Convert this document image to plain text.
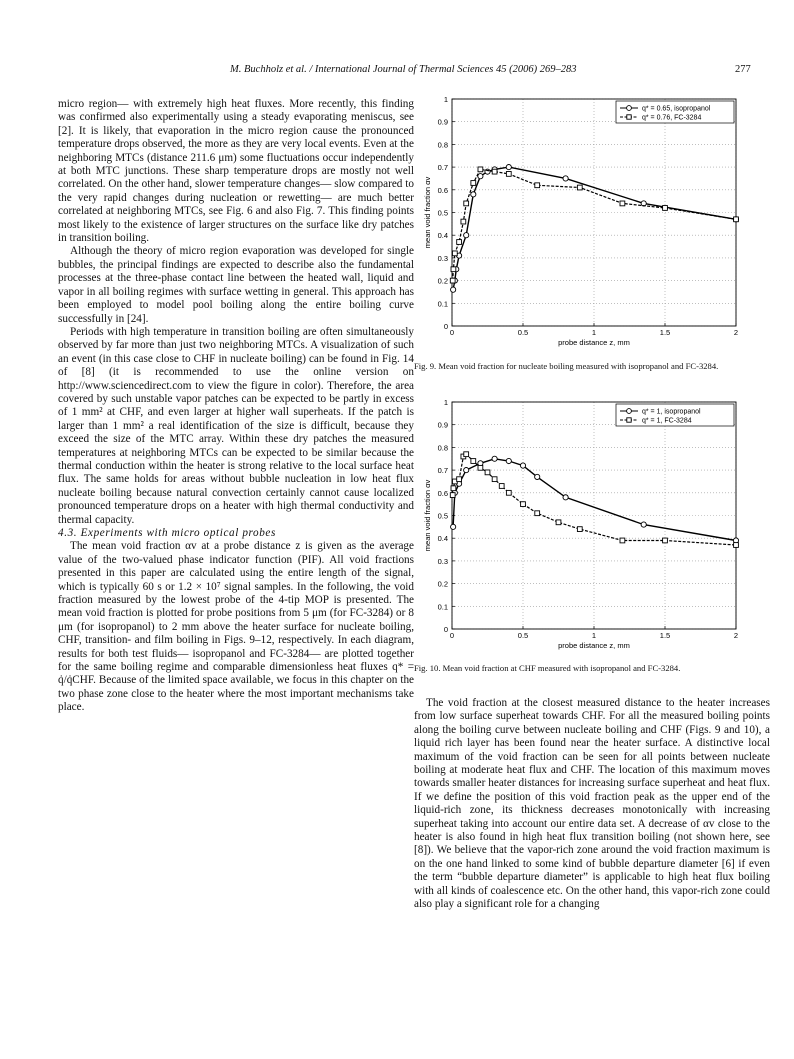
M. Buchholz et al. / International Journal of Thermal Sciences 45 (2006) 269–283	277

micro region— with extremely high heat fluxes. More recently, this finding was confirmed also experimentally using a steady evaporating meniscus, see [2]. It is likely, that evaporation in the micro region cause the pronounced temperature drops observed, the more as they are very local events. Even at the neighboring MTCs (distance 211.6 μm) some fluctuations occur independently at both MTC junctions. These sharp temperature drops are mostly not well correlated. On the other hand, slower temperature changes— slow compared to the very rapid changes during nucleation or rewetting— are much better correlated at neighboring MTCs, see Fig. 6 and also Fig. 7. This finding points most likely to the existence of larger structures on the surface like dry patches in transition boiling.

Although the theory of micro region evaporation was developed for single bubbles, the principal findings are expected to describe also the fundamental processes at the three-phase contact line between the heated wall, liquid and vapor in all boiling regimes with surface wetting in general. This approach has been employed to model pool boiling along the entire boiling curve successfully in [24].

Periods with high temperature in transition boiling are often simultaneously observed by far more than just two neighboring MTCs. A visualization of such an event (in this case close to CHF in nucleate boiling) can be found in Fig. 14 of [8] (it is recommended to use the online version on http://www.sciencedirect.com to view the figure in color). Therefore, the area covered by such unstable vapor patches can be expected to be partly in excess of 1 mm² at CHF, and even larger at higher wall superheats. If the patch is larger than 1 mm² a real identification of the size is difficult, because they exceed the size of the MTC array. Within these dry patches the measured temperatures at neighboring MTCs can be expected to be similar because the thermal conduction within the heater is strong relative to the local surface heat flux. The same holds for areas without bubble nucleation in low heat flux nucleate boiling because natural convection certainly cannot cause localized pronounced temperature drops on a heater with high thermal conductivity and thermal capacity.

4.3. Experiments with micro optical probes

The mean void fraction αv at a probe distance z is given as the average value of the two-valued phase indicator function (PIF). All void fractions presented in this paper are calculated using the entire length of the signal, which is typically 60 s or 1.2 × 10⁷ signal samples. In the following, the void fraction measured by the lowest probe of the 4-tip MOP is presented. The mean void fraction is plotted for probe positions from 5 μm (for FC-3284) or 8 μm (for isopropanol) to 2 mm above the heater surface for nucleate boiling, CHF, transition- and film boiling in Figs. 9–12, respectively. In each diagram, results for both test fluids— isopropanol and FC-3284— are plotted together for the same boiling regime and comparable dimensionless heat fluxes q* = q̇/q̇CHF. Because of the limited space available, we focus in this chapter on the two phase zone close to the heater where the most important mechanisms take place.

0
0.1
0.2
0.3
0.4
0.5
0.6
0.7
0.8
0.9
1
0	0.5	1	1.5	2
probe distance z, mm
mean void fraction αv
q* = 0.65, isopropanol
q* = 0.76, FC-3284
Fig. 9. Mean void fraction for nucleate boiling measured with isopropanol and FC-3284.
0
0.1
0.2
0.3
0.4
0.5
0.6
0.7
0.8
0.9
1
0	0.5	1	1.5	2
probe distance z, mm
mean void fraction αv
q* = 1, isopropanol
q* = 1, FC-3284
Fig. 10. Mean void fraction at CHF measured with isopropanol and FC-3284.

The void fraction at the closest measured distance to the heater increases from low surface superheat towards CHF. For all the measured boiling points along the boiling curve between nucleate boiling and CHF (Figs. 9 and 10), a liquid rich layer has been found near the heater surface. A distinctive local maximum of the void fraction can be seen for all points between nucleate boiling at moderate heat flux and CHF. The location of this maximum moves towards smaller heater distances for increasing surface superheat and heat flux. If we define the position of this void fraction peak as the upper end of the liquid-rich zone, its thickness decreases monotonically with increasing superheat taking into account our entire data set. A decrease of αv close to the heater is also found in high heat flux transition boiling (not shown here, see [8]). We believe that the vapor-rich zone around the void fraction maximum is on the one hand linked to some kind of bubble departure diameter [6] if even the term “bubble departure diameter” is applicable to high heat flux boiling with all kinds of coalescence etc. On the other hand, this vapor-rich zone could also play a significant role for a changing
